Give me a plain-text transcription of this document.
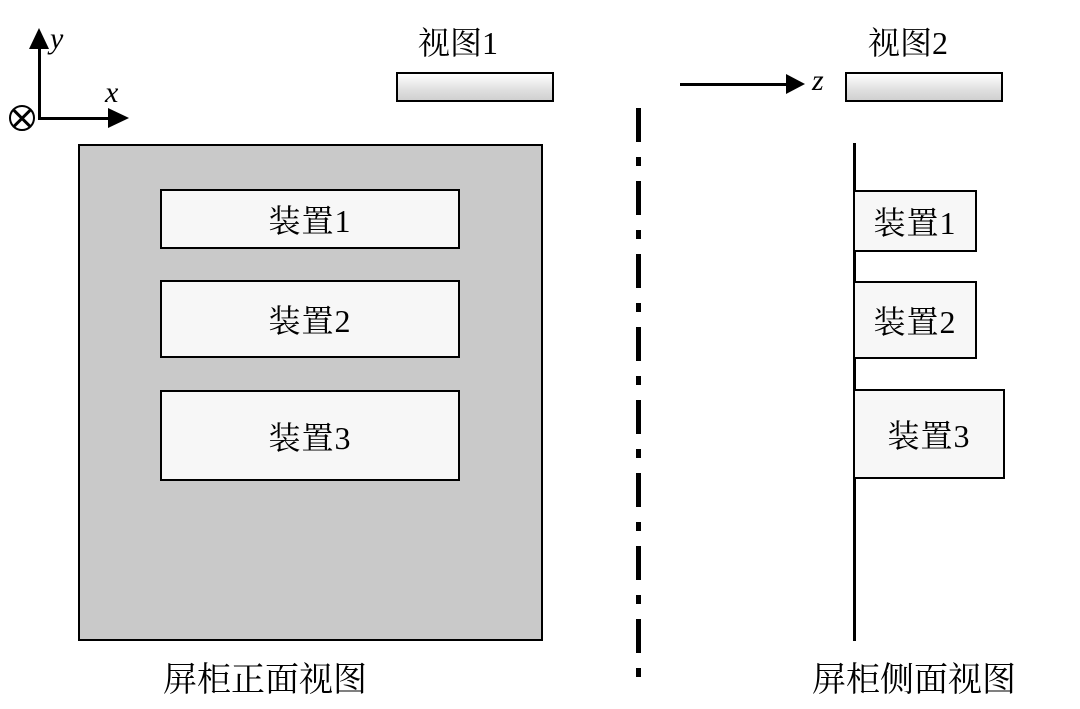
y
x
视图1
装置1
装置2
装置3
屏柜正面视图
z
视图2
装置1
装置2
装置3
屏柜侧面视图
